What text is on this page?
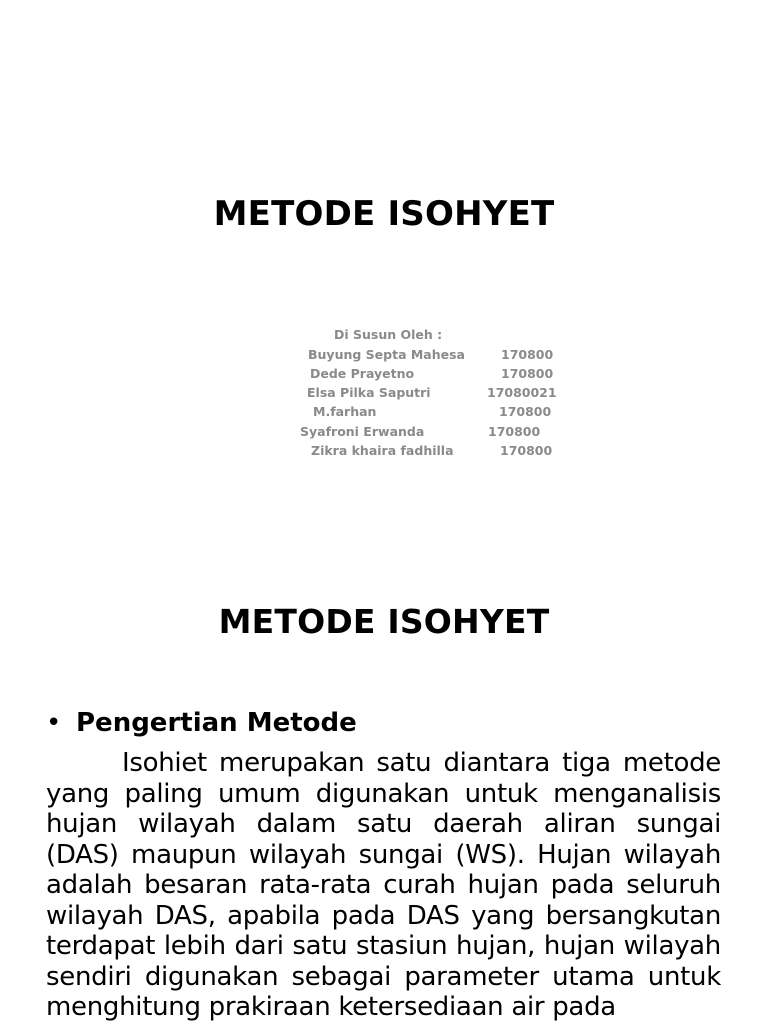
METODE ISOHYET
Di Susun Oleh :
Buyung Septa Mahesa	170800
Dede Prayetno	170800
Elsa Pilka Saputri	17080021
M.farhan	170800
Syafroni Erwanda	170800
Zikra khaira fadhilla	170800
METODE ISOHYET
• Pengertian Metode
Isohiet merupakan satu diantara tiga metode yang paling umum digunakan untuk menganalisis hujan wilayah dalam satu daerah aliran sungai (DAS) maupun wilayah sungai (WS). Hujan wilayah adalah besaran rata-rata curah hujan pada seluruh wilayah DAS, apabila pada DAS yang bersangkutan terdapat lebih dari satu stasiun hujan, hujan wilayah sendiri digunakan sebagai parameter utama untuk menghitung prakiraan ketersediaan air pada
